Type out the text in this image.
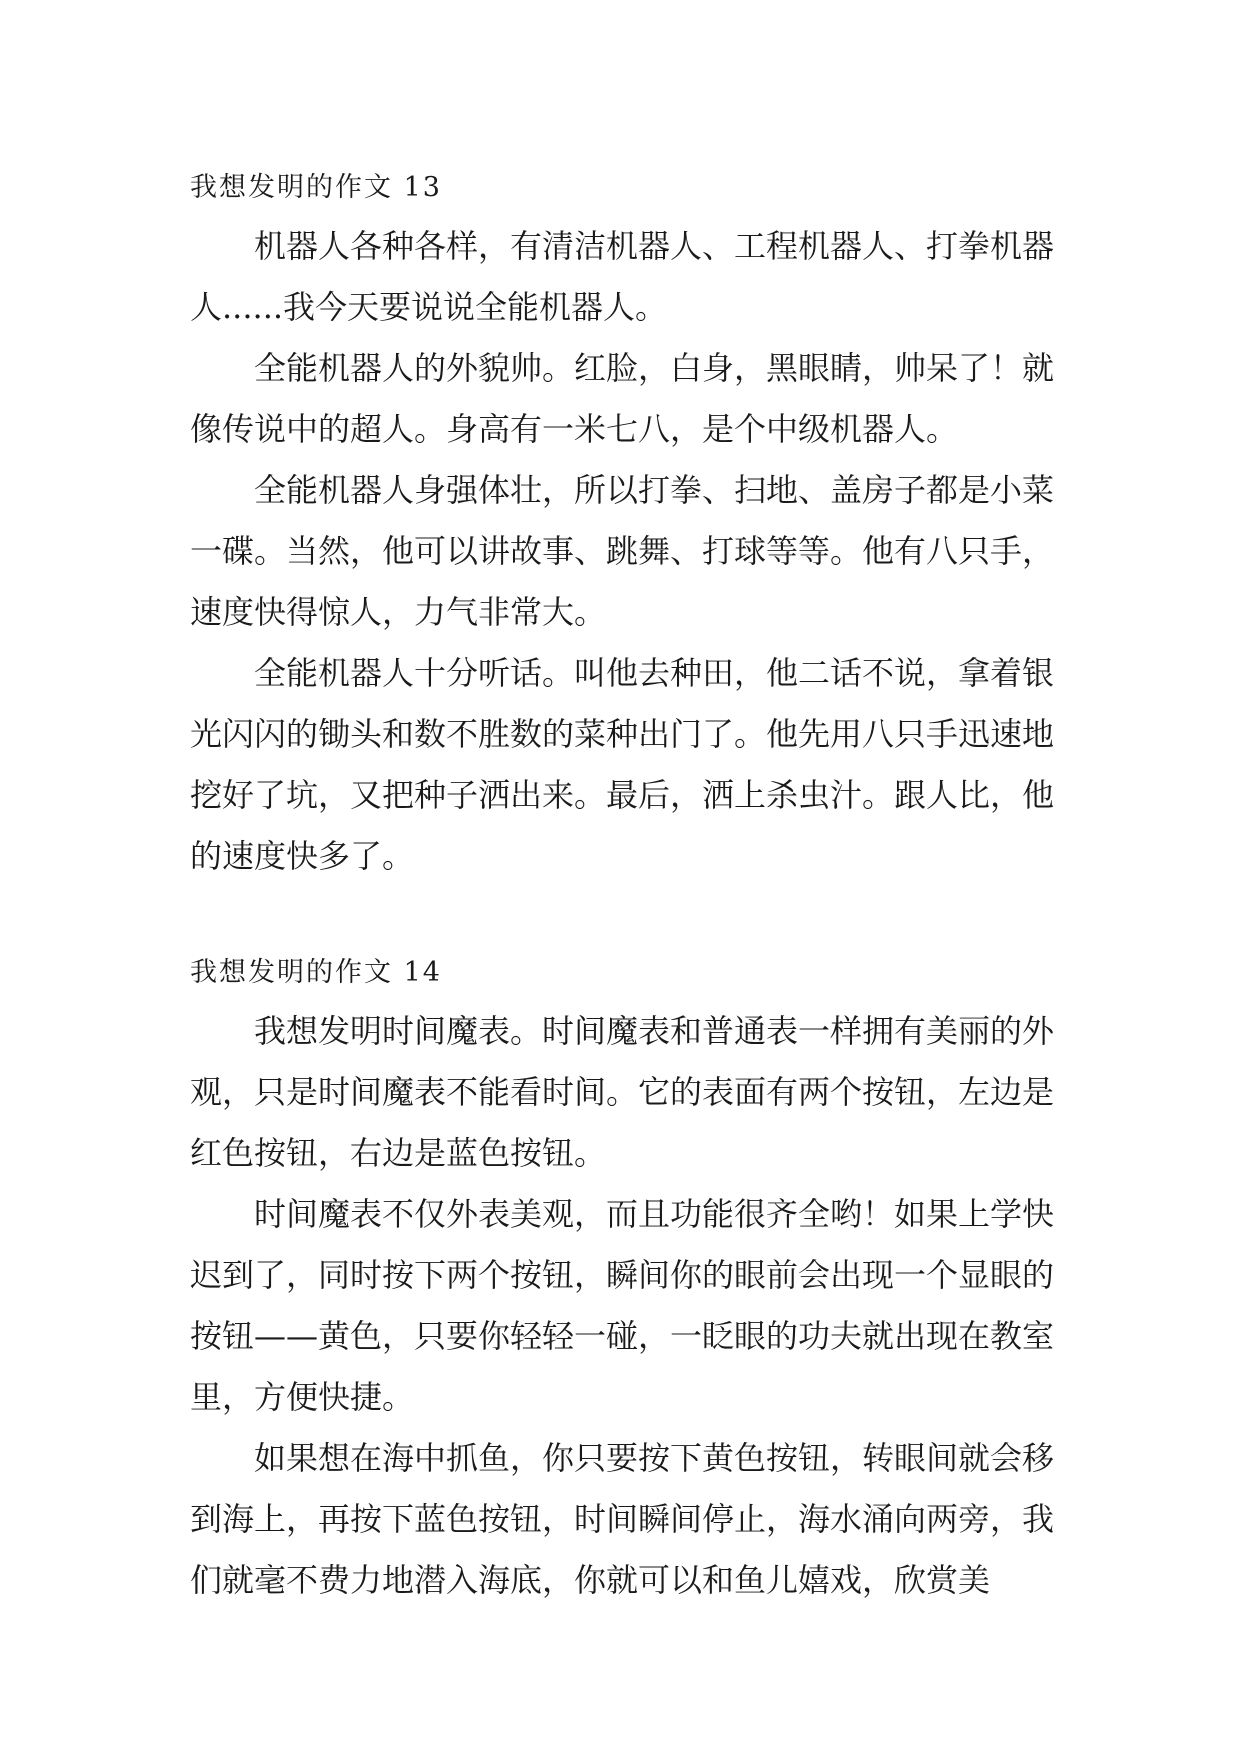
我想发明的作文 13

机器人各种各样，有清洁机器人、工程机器人、打拳机器人......我今天要说说全能机器人。

全能机器人的外貌帅。红脸，白身，黑眼睛，帅呆了！就像传说中的超人。身高有一米七八，是个中级机器人。

全能机器人身强体壮，所以打拳、扫地、盖房子都是小菜一碟。当然，他可以讲故事、跳舞、打球等等。他有八只手，速度快得惊人，力气非常大。

全能机器人十分听话。叫他去种田，他二话不说，拿着银光闪闪的锄头和数不胜数的菜种出门了。他先用八只手迅速地挖好了坑，又把种子洒出来。最后，洒上杀虫汁。跟人比，他的速度快多了。

我想发明的作文 14

我想发明时间魔表。时间魔表和普通表一样拥有美丽的外观，只是时间魔表不能看时间。它的表面有两个按钮，左边是红色按钮，右边是蓝色按钮。

时间魔表不仅外表美观，而且功能很齐全哟！如果上学快迟到了，同时按下两个按钮，瞬间你的眼前会出现一个显眼的按钮——黄色，只要你轻轻一碰，一眨眼的功夫就出现在教室里，方便快捷。

如果想在海中抓鱼，你只要按下黄色按钮，转眼间就会移到海上，再按下蓝色按钮，时间瞬间停止，海水涌向两旁，我们就毫不费力地潜入海底，你就可以和鱼儿嬉戏，欣赏美
